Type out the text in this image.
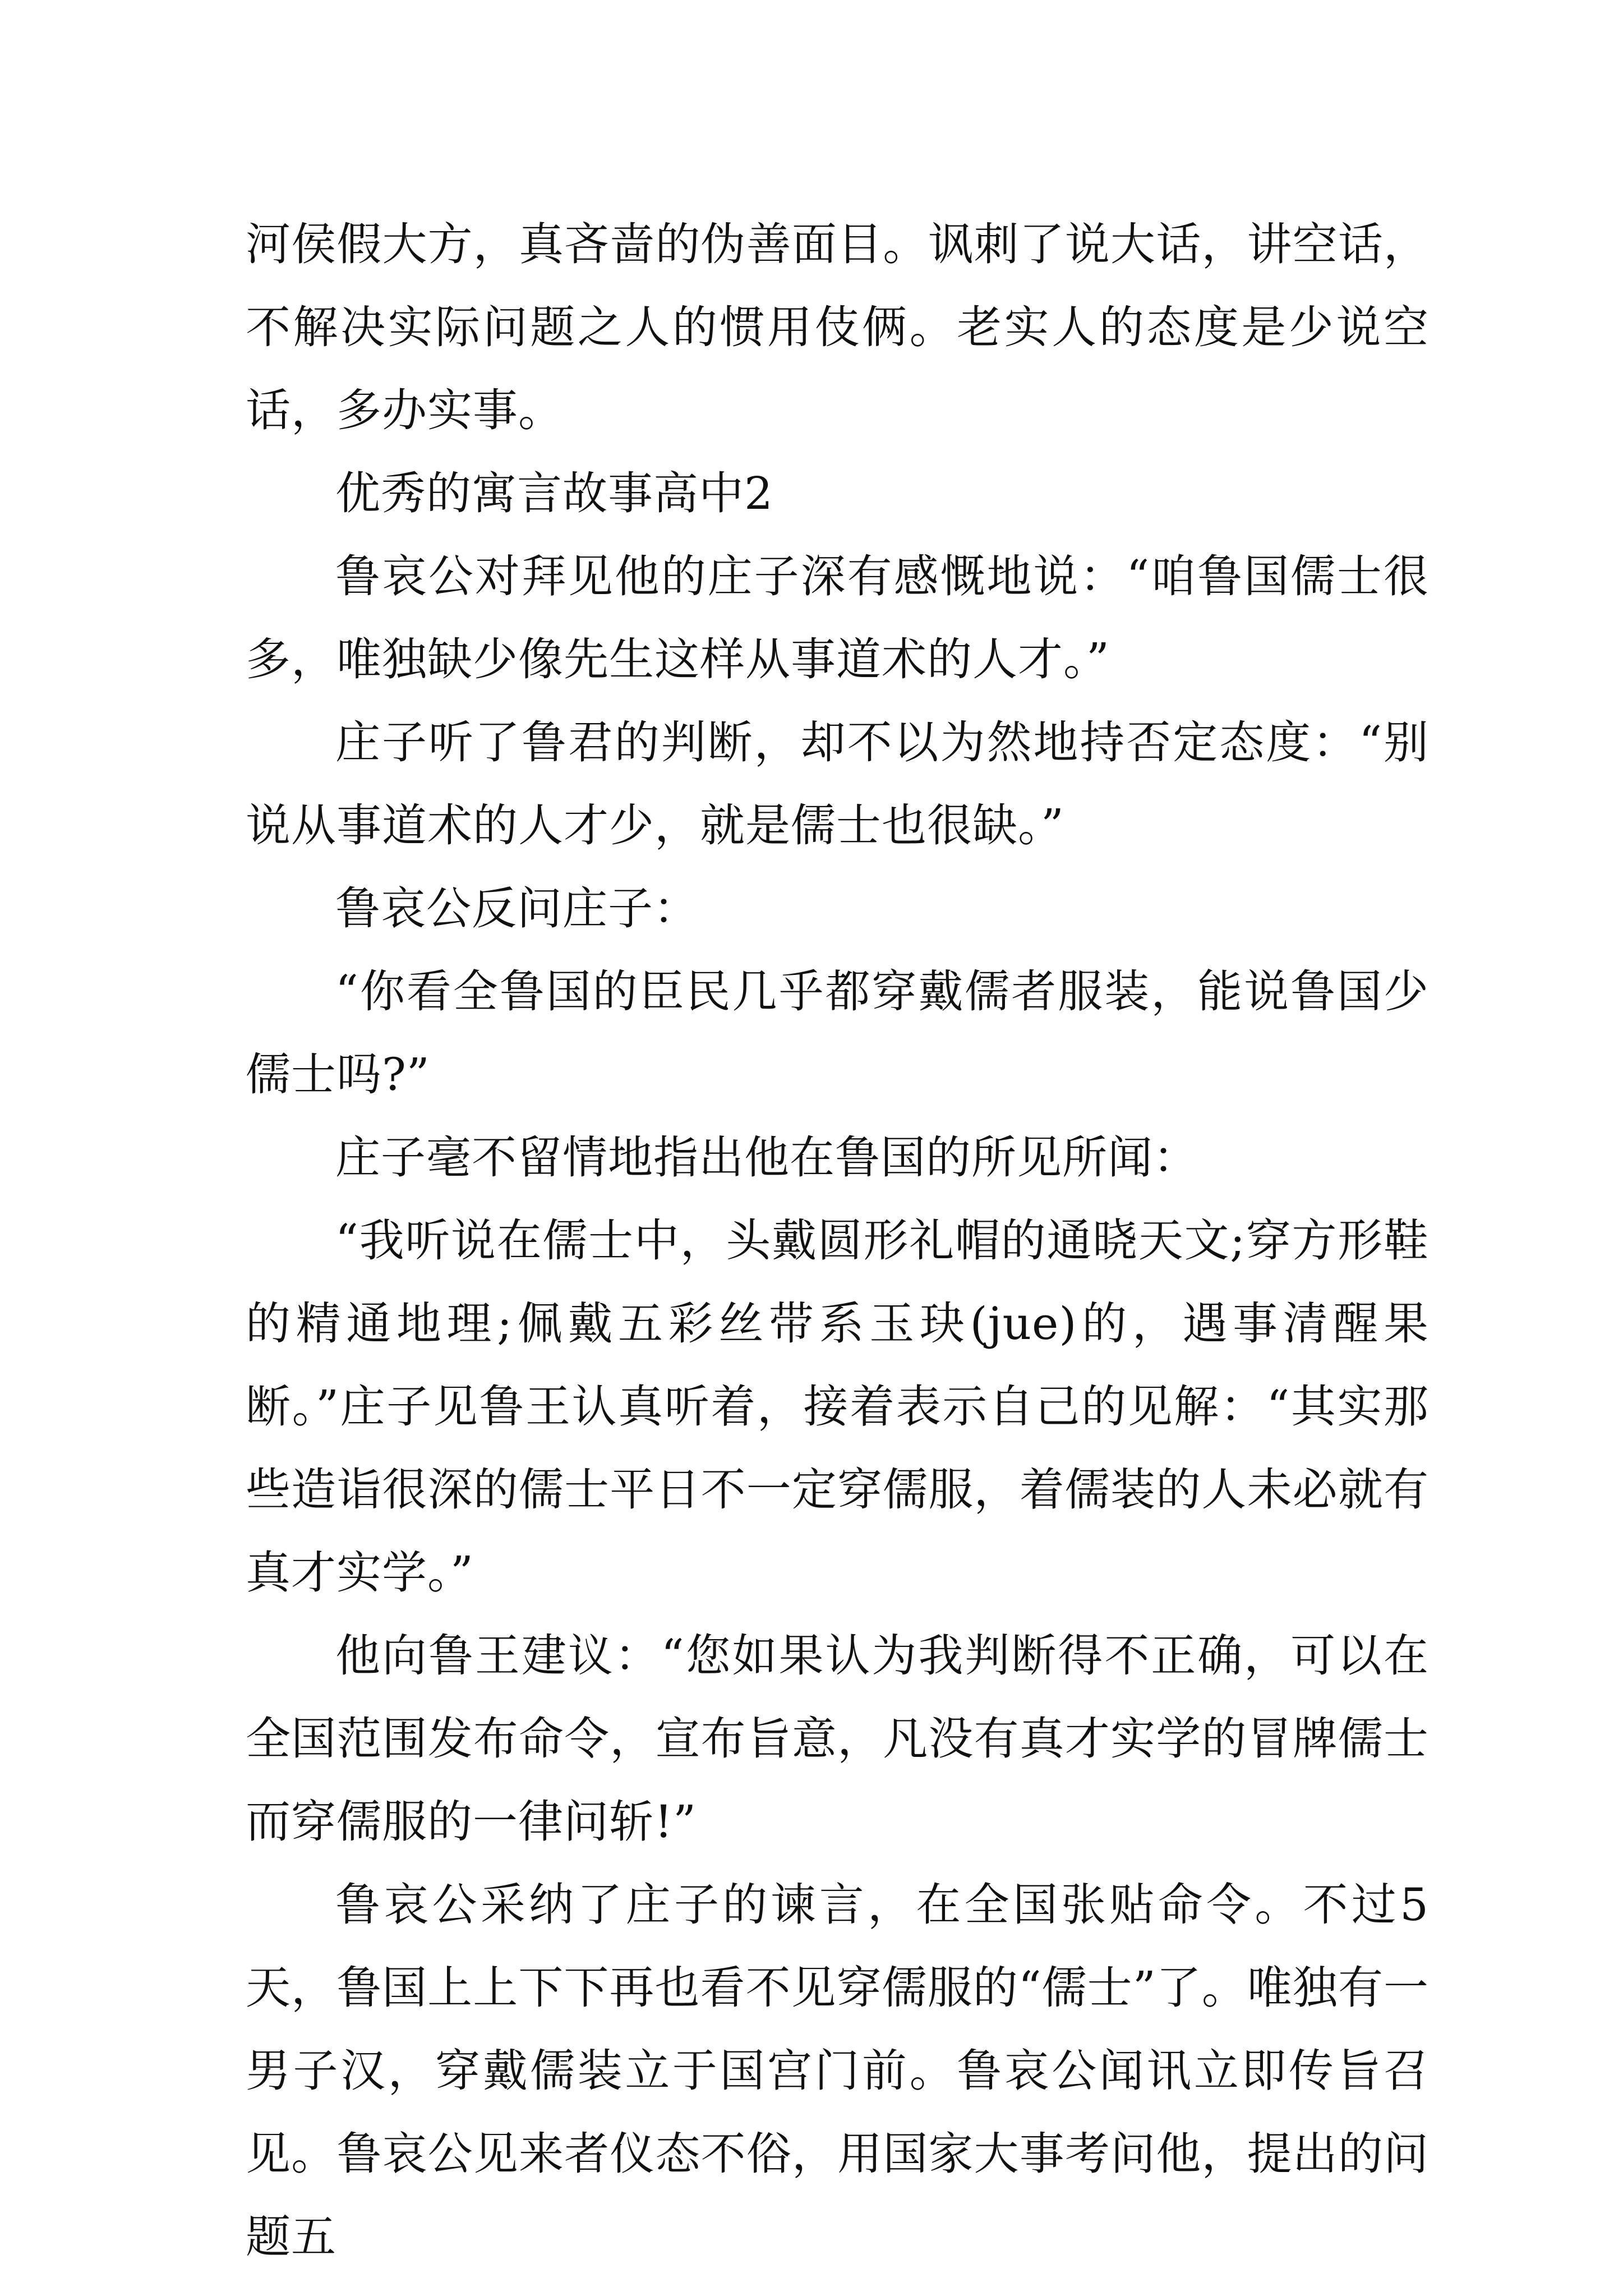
河侯假大方，真吝啬的伪善面目。讽刺了说大话，讲空话，不解决实际问题之人的惯用伎俩。老实人的态度是少说空话，多办实事。

优秀的寓言故事高中2

鲁哀公对拜见他的庄子深有感慨地说：“咱鲁国儒士很多，唯独缺少像先生这样从事道术的人才。”

庄子听了鲁君的判断，却不以为然地持否定态度：“别说从事道术的人才少，就是儒士也很缺。”

鲁哀公反问庄子：

“你看全鲁国的臣民几乎都穿戴儒者服装，能说鲁国少儒士吗?”

庄子毫不留情地指出他在鲁国的所见所闻：

“我听说在儒士中，头戴圆形礼帽的通晓天文;穿方形鞋的精通地理;佩戴五彩丝带系玉玦(jue)的，遇事清醒果断。”庄子见鲁王认真听着，接着表示自己的见解：“其实那些造诣很深的儒士平日不一定穿儒服，着儒装的人未必就有真才实学。”

他向鲁王建议：“您如果认为我判断得不正确，可以在全国范围发布命令，宣布旨意，凡没有真才实学的冒牌儒士而穿儒服的一律问斩!”

鲁哀公采纳了庄子的谏言，在全国张贴命令。不过5天，鲁国上上下下再也看不见穿儒服的“儒士”了。唯独有一男子汉，穿戴儒装立于国宫门前。鲁哀公闻讯立即传旨召见。鲁哀公见来者仪态不俗，用国家大事考问他，提出的问题五
